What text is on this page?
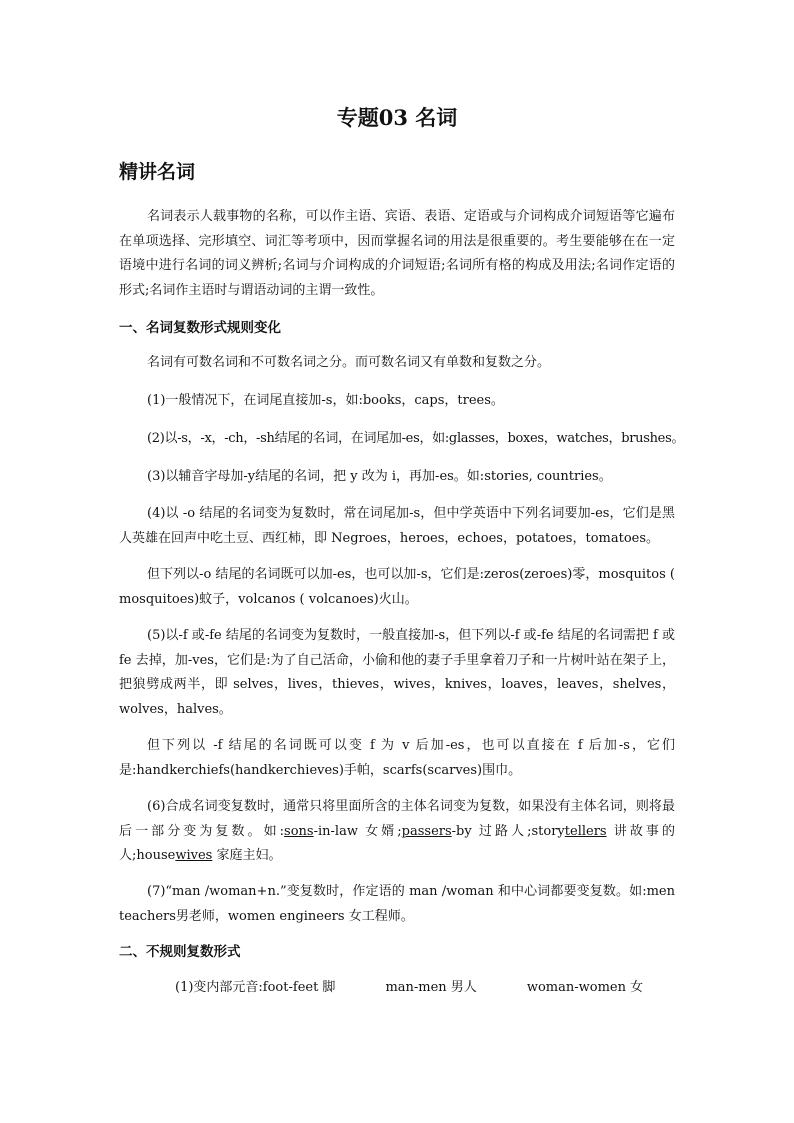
专题03 名词
精讲名词
名词表示人载事物的名称，可以作主语、宾语、表语、定语或与介词构成介词短语等它遍布在单项选择、完形填空、词汇等考项中，因而掌握名词的用法是很重要的。考生要能够在在一定语境中进行名词的词义辨析;名词与介词构成的介词短语;名词所有格的构成及用法;名词作定语的形式;名词作主语时与谓语动词的主谓一致性。
一、名词复数形式规则变化
名词有可数名词和不可数名词之分。而可数名词又有单数和复数之分。
(1)一般情况下，在词尾直接加-s，如:books，caps，trees。
(2)以-s，-x，-ch，-sh结尾的名词，在词尾加-es，如:glasses，boxes，watches，brushes。
(3)以辅音字母加-y结尾的名词，把 y 改为 i，再加-es。如:stories, countries。
(4)以 -o 结尾的名词变为复数时，常在词尾加-s，但中学英语中下列名词要加-es，它们是黑人英雄在回声中吃土豆、西红柿，即 Negroes，heroes，echoes，potatoes，tomatoes。
但下列以-o 结尾的名词既可以加-es，也可以加-s，它们是:zeros(zeroes)零，mosquitos ( mosquitoes)蚊子，volcanos ( volcanoes)火山。
(5)以-f 或-fe 结尾的名词变为复数时，一般直接加-s，但下列以-f 或-fe 结尾的名词需把 f 或 fe 去掉，加-ves，它们是:为了自己活命，小偷和他的妻子手里拿着刀子和一片树叶站在架子上，把狼劈成两半，即 selves，lives，thieves，wives，knives，loaves，leaves，shelves，wolves，halves。
但下列以 -f 结尾的名词既可以变 f 为 v 后加-es，也可以直接在 f 后加-s，它们是:handkerchiefs(handkerchieves)手帕，scarfs(scarves)围巾。
(6)合成名词变复数时，通常只将里面所含的主体名词变为复数，如果没有主体名词，则将最后一部分变为复数。如:sons-in-law 女婿;passers-by 过路人;storytellers 讲故事的人;housewives 家庭主妇。
(7)“man /woman+n.”变复数时，作定语的 man /woman 和中心词都要变复数。如:men teachers男老师，women engineers 女工程师。
二、不规则复数形式
(1)变内部元音:foot-feet 脚	man-men 男人	woman-women 女
